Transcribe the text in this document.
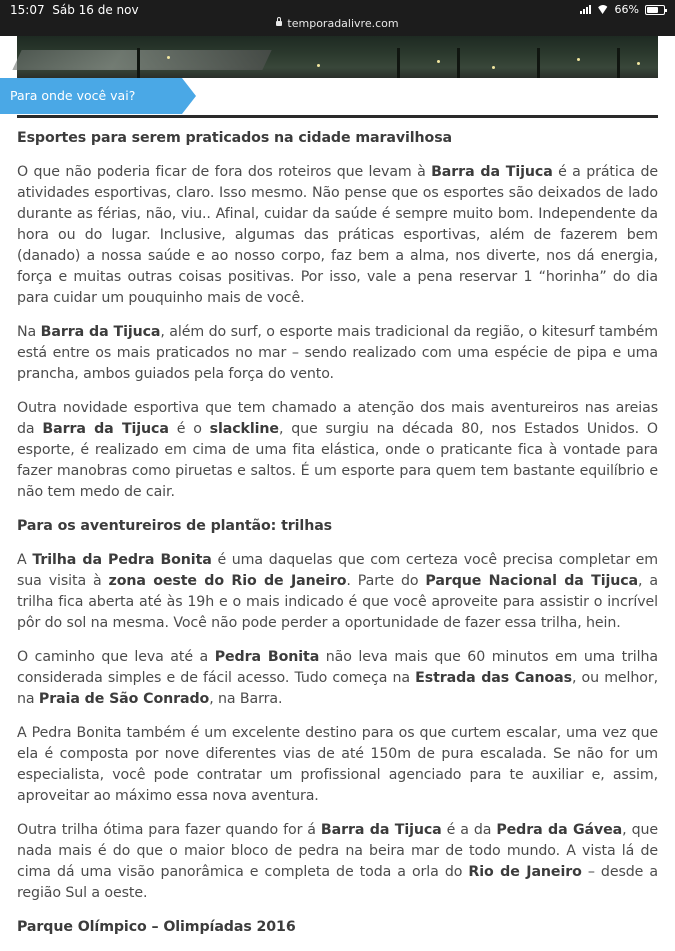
15:07 Sáb 16 de nov
temporadalivre.com
66%
Para onde você vai?
Esportes para serem praticados na cidade maravilhosa

O que não poderia ficar de fora dos roteiros que levam à Barra da Tijuca é a prática de atividades esportivas, claro. Isso mesmo. Não pense que os esportes são deixados de lado durante as férias, não, viu.. Afinal, cuidar da saúde é sempre muito bom. Independente da hora ou do lugar. Inclusive, algumas das práticas esportivas, além de fazerem bem (danado) a nossa saúde e ao nosso corpo, faz bem a alma, nos diverte, nos dá energia, força e muitas outras coisas positivas. Por isso, vale a pena reservar 1 “horinha” do dia para cuidar um pouquinho mais de você.

Na Barra da Tijuca, além do surf, o esporte mais tradicional da região, o kitesurf também está entre os mais praticados no mar – sendo realizado com uma espécie de pipa e uma prancha, ambos guiados pela força do vento.

Outra novidade esportiva que tem chamado a atenção dos mais aventureiros nas areias da Barra da Tijuca é o slackline, que surgiu na década 80, nos Estados Unidos. O esporte, é realizado em cima de uma fita elástica, onde o praticante fica à vontade para fazer manobras como piruetas e saltos. É um esporte para quem tem bastante equilíbrio e não tem medo de cair.

Para os aventureiros de plantão: trilhas

A Trilha da Pedra Bonita é uma daquelas que com certeza você precisa completar em sua visita à zona oeste do Rio de Janeiro. Parte do Parque Nacional da Tijuca, a trilha fica aberta até às 19h e o mais indicado é que você aproveite para assistir o incrível pôr do sol na mesma. Você não pode perder a oportunidade de fazer essa trilha, hein.

O caminho que leva até a Pedra Bonita não leva mais que 60 minutos em uma trilha considerada simples e de fácil acesso. Tudo começa na Estrada das Canoas, ou melhor, na Praia de São Conrado, na Barra.

A Pedra Bonita também é um excelente destino para os que curtem escalar, uma vez que ela é composta por nove diferentes vias de até 150m de pura escalada. Se não for um especialista, você pode contratar um profissional agenciado para te auxiliar e, assim, aproveitar ao máximo essa nova aventura.

Outra trilha ótima para fazer quando for á Barra da Tijuca é a da Pedra da Gávea, que nada mais é do que o maior bloco de pedra na beira mar de todo mundo. A vista lá de cima dá uma visão panorâmica e completa de toda a orla do Rio de Janeiro – desde a região Sul a oeste.

Parque Olímpico – Olimpíadas 2016
